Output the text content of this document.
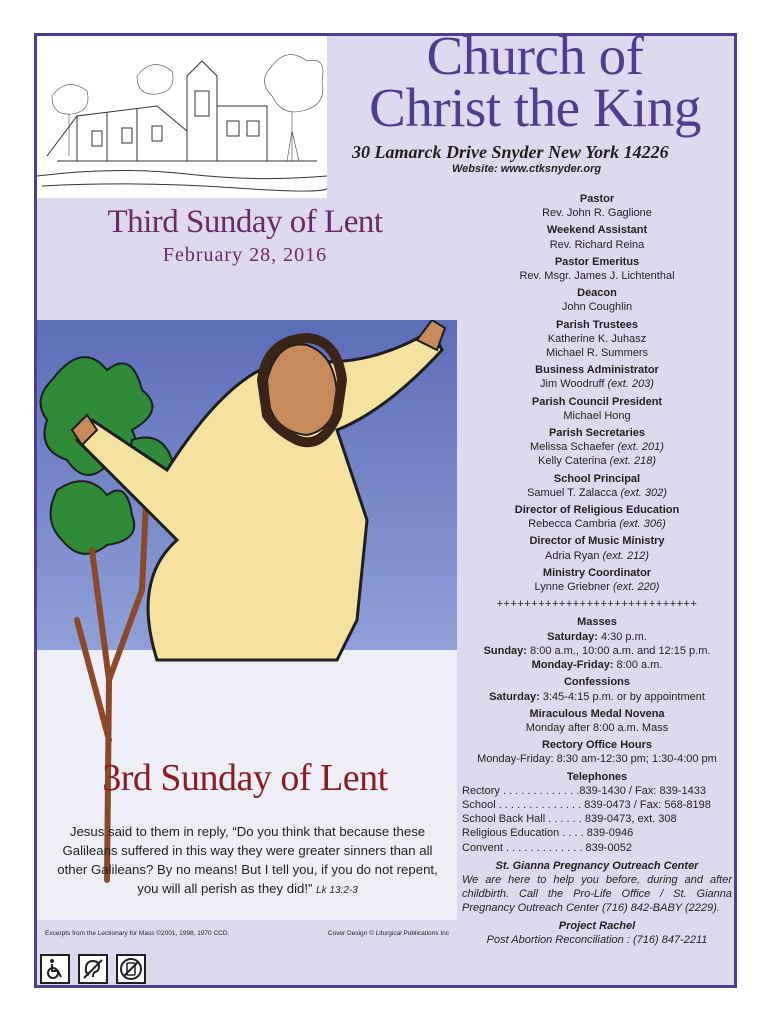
Church of
Christ the King
30 Lamarck Drive Snyder New York 14226
Website: www.ctksnyder.org
Third Sunday of Lent
February 28, 2016
3rd Sunday of Lent
Jesus said to them in reply, “Do you think that because these Galileans suffered in this way they were greater sinners than all other Galileans? By no means! But I tell you, if you do not repent, you will all perish as they did!” Lk 13:2-3
Excerpts from the Lectionary for Mass ©2001, 1998, 1970 CCD.	Cover Design © Liturgical Publications Inc
Pastor
Rev. John R. Gaglione
Weekend Assistant
Rev. Richard Reina
Pastor Emeritus
Rev. Msgr. James J. Lichtenthal
Deacon
John Coughlin
Parish Trustees
Katherine K. Juhasz
Michael R. Summers
Business Administrator
Jim Woodruff (ext. 203)
Parish Council President
Michael Hong
Parish Secretaries
Melissa Schaefer (ext. 201)
Kelly Caterina (ext. 218)
School Principal
Samuel T. Zalacca (ext. 302)
Director of Religious Education
Rebecca Cambria (ext. 306)
Director of Music Ministry
Adria Ryan (ext. 212)
Ministry Coordinator
Lynne Griebner (ext. 220)
+++++++++++++++++++++++++++++
Masses
Saturday: 4:30 p.m.
Sunday: 8:00 a.m., 10:00 a.m. and 12:15 p.m.
Monday-Friday: 8:00 a.m.
Confessions
Saturday: 3:45-4:15 p.m. or by appointment
Miraculous Medal Novena
Monday after 8:00 a.m. Mass
Rectory Office Hours
Monday-Friday: 8:30 am-12:30 pm; 1:30-4:00 pm
Telephones
Rectory . . . . . . . . . . . . .839-1430 / Fax: 839-1433
School . . . . . . . . . . . . . . 839-0473 / Fax: 568-8198
School Back Hall . . . . . . 839-0473, ext. 308
Religious Education . . . . 839-0946
Convent . . . . . . . . . . . . . 839-0052
St. Gianna Pregnancy Outreach Center
We are here to help you before, during and after childbirth. Call the Pro-Life Office / St. Gianna Pregnancy Outreach Center (716) 842-BABY (2229).
Project Rachel
Post Abortion Reconciliation : (716) 847-2211
